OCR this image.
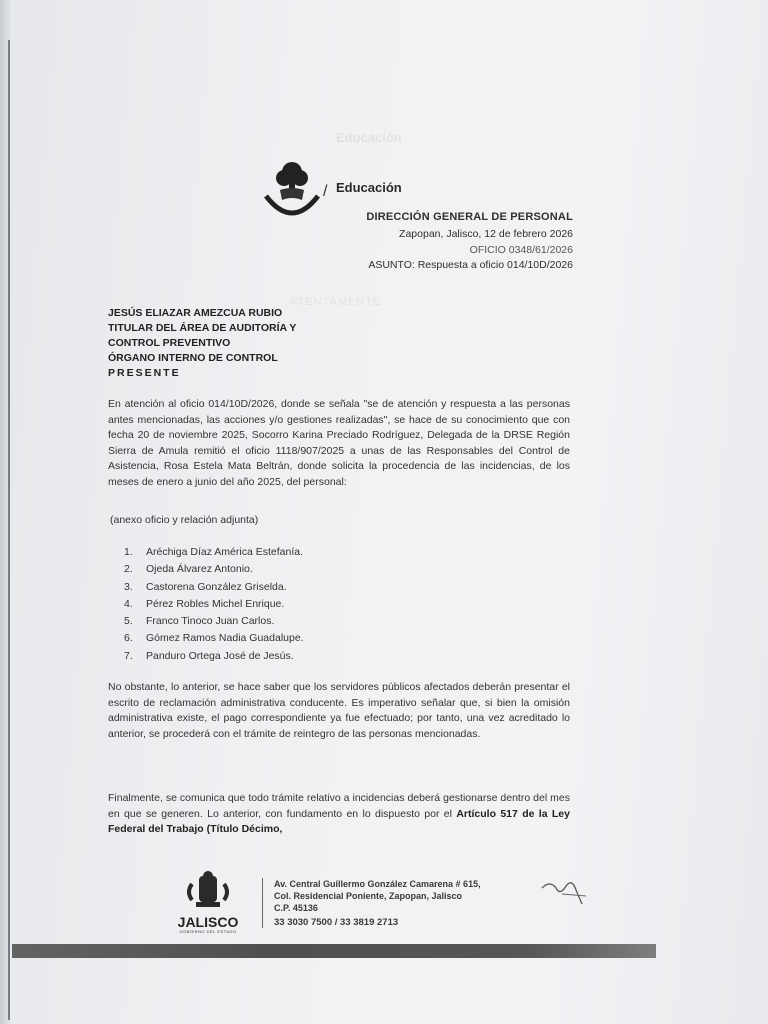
Educación
ATENTAMENTE
/ Educación
DIRECCIÓN GENERAL DE PERSONAL
Zapopan, Jalisco, 12 de febrero 2026
OFICIO 0348/61/2026
ASUNTO: Respuesta a oficio 014/10D/2026
JESÚS ELIAZAR AMEZCUA RUBIO
TITULAR DEL ÁREA DE AUDITORÍA Y
CONTROL PREVENTIVO
ÓRGANO INTERNO DE CONTROL
PRESENTE
En atención al oficio 014/10D/2026, donde se señala "se de atención y respuesta a las personas antes mencionadas, las acciones y/o gestiones realizadas", se hace de su conocimiento que con fecha 20 de noviembre 2025, Socorro Karina Preciado Rodríguez, Delegada de la DRSE Región Sierra de Amula remitió el oficio 1118/907/2025 a unas de las Responsables del Control de Asistencia, Rosa Estela Mata Beltrán, donde solicita la procedencia de las incidencias, de los meses de enero a junio del año 2025, del personal:
(anexo oficio y relación adjunta)
1. Aréchiga Díaz América Estefanía.
2. Ojeda Álvarez Antonio.
3. Castorena González Griselda.
4. Pérez Robles Michel Enrique.
5. Franco Tinoco Juan Carlos.
6. Gómez Ramos Nadia Guadalupe.
7. Panduro Ortega José de Jesús.
No obstante, lo anterior, se hace saber que los servidores públicos afectados deberán presentar el escrito de reclamación administrativa conducente. Es imperativo señalar que, si bien la omisión administrativa existe, el pago correspondiente ya fue efectuado; por tanto, una vez acreditado lo anterior, se procederá con el trámite de reintegro de las personas mencionadas.
Finalmente, se comunica que todo trámite relativo a incidencias deberá gestionarse dentro del mes en que se generen. Lo anterior, con fundamento en lo dispuesto por el Artículo 517 de la Ley Federal del Trabajo (Título Décimo,
JALISCO
GOBIERNO DEL ESTADO
Av. Central Guillermo González Camarena # 615,
Col. Residencial Poniente, Zapopan, Jalisco
C.P. 45136
33 3030 7500 / 33 3819 2713
